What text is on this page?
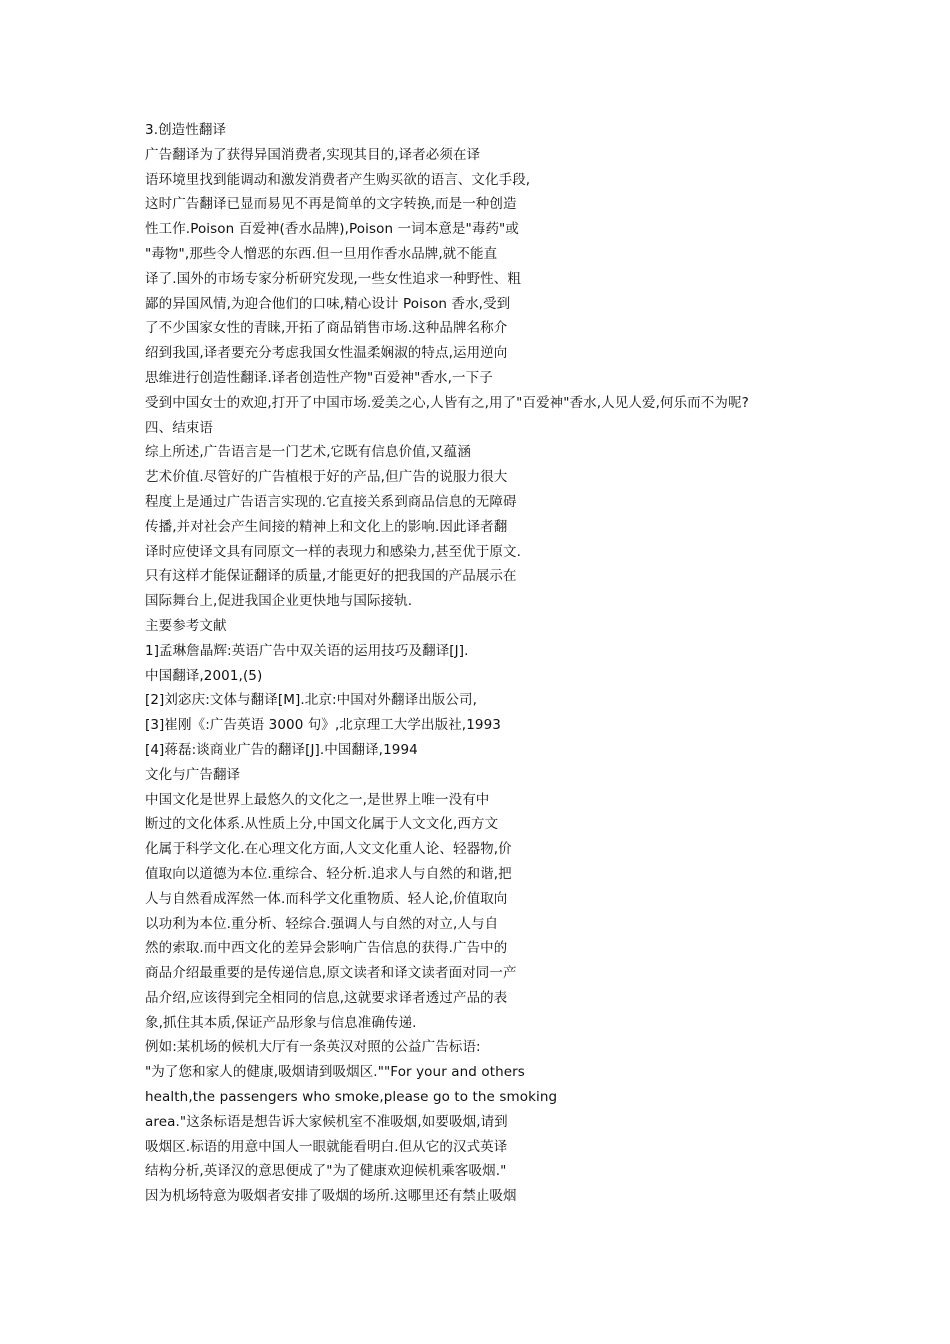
3.创造性翻译
广告翻译为了获得异国消费者,实现其目的,译者必须在译
语环境里找到能调动和激发消费者产生购买欲的语言、文化手段,
这时广告翻译已显而易见不再是简单的文字转换,而是一种创造
性工作.Poison 百爱神(香水品牌),Poison 一词本意是"毒药"或
"毒物",那些令人憎恶的东西.但一旦用作香水品牌,就不能直
译了.国外的市场专家分析研究发现,一些女性追求一种野性、粗
鄙的异国风情,为迎合他们的口味,精心设计 Poison 香水,受到
了不少国家女性的青睐,开拓了商品销售市场.这种品牌名称介
绍到我国,译者要充分考虑我国女性温柔娴淑的特点,运用逆向
思维进行创造性翻译.译者创造性产物"百爱神"香水,一下子
受到中国女士的欢迎,打开了中国市场.爱美之心,人皆有之,用了"百爱神"香水,人见人爱,何乐而不为呢?
四、结束语
综上所述,广告语言是一门艺术,它既有信息价值,又蕴涵
艺术价值.尽管好的广告植根于好的产品,但广告的说服力很大
程度上是通过广告语言实现的.它直接关系到商品信息的无障碍
传播,并对社会产生间接的精神上和文化上的影响.因此译者翻
译时应使译文具有同原文一样的表现力和感染力,甚至优于原文.
只有这样才能保证翻译的质量,才能更好的把我国的产品展示在
国际舞台上,促进我国企业更快地与国际接轨.
主要参考文献
1]孟琳詹晶辉:英语广告中双关语的运用技巧及翻译[J].
中国翻译,2001,(5)
[2]刘宓庆:文体与翻译[M].北京:中国对外翻译出版公司,
[3]崔刚《:广告英语 3000 句》,北京理工大学出版社,1993
[4]蒋磊:谈商业广告的翻译[J].中国翻译,1994
文化与广告翻译
中国文化是世界上最悠久的文化之一,是世界上唯一没有中
断过的文化体系.从性质上分,中国文化属于人文文化,西方文
化属于科学文化.在心理文化方面,人文文化重人论、轻器物,价
值取向以道德为本位.重综合、轻分析.追求人与自然的和谐,把
人与自然看成浑然一体.而科学文化重物质、轻人论,价值取向
以功利为本位.重分析、轻综合.强调人与自然的对立,人与自
然的索取.而中西文化的差异会影响广告信息的获得.广告中的
商品介绍最重要的是传递信息,原文读者和译文读者面对同一产
品介绍,应该得到完全相同的信息,这就要求译者透过产品的表
象,抓住其本质,保证产品形象与信息准确传递.
例如:某机场的候机大厅有一条英汉对照的公益广告标语:
"为了您和家人的健康,吸烟请到吸烟区.""For your and others
health,the passengers who smoke,please go to the smoking
area."这条标语是想告诉大家候机室不准吸烟,如要吸烟,请到
吸烟区.标语的用意中国人一眼就能看明白.但从它的汉式英译
结构分析,英译汉的意思便成了"为了健康欢迎候机乘客吸烟."
因为机场特意为吸烟者安排了吸烟的场所.这哪里还有禁止吸烟
